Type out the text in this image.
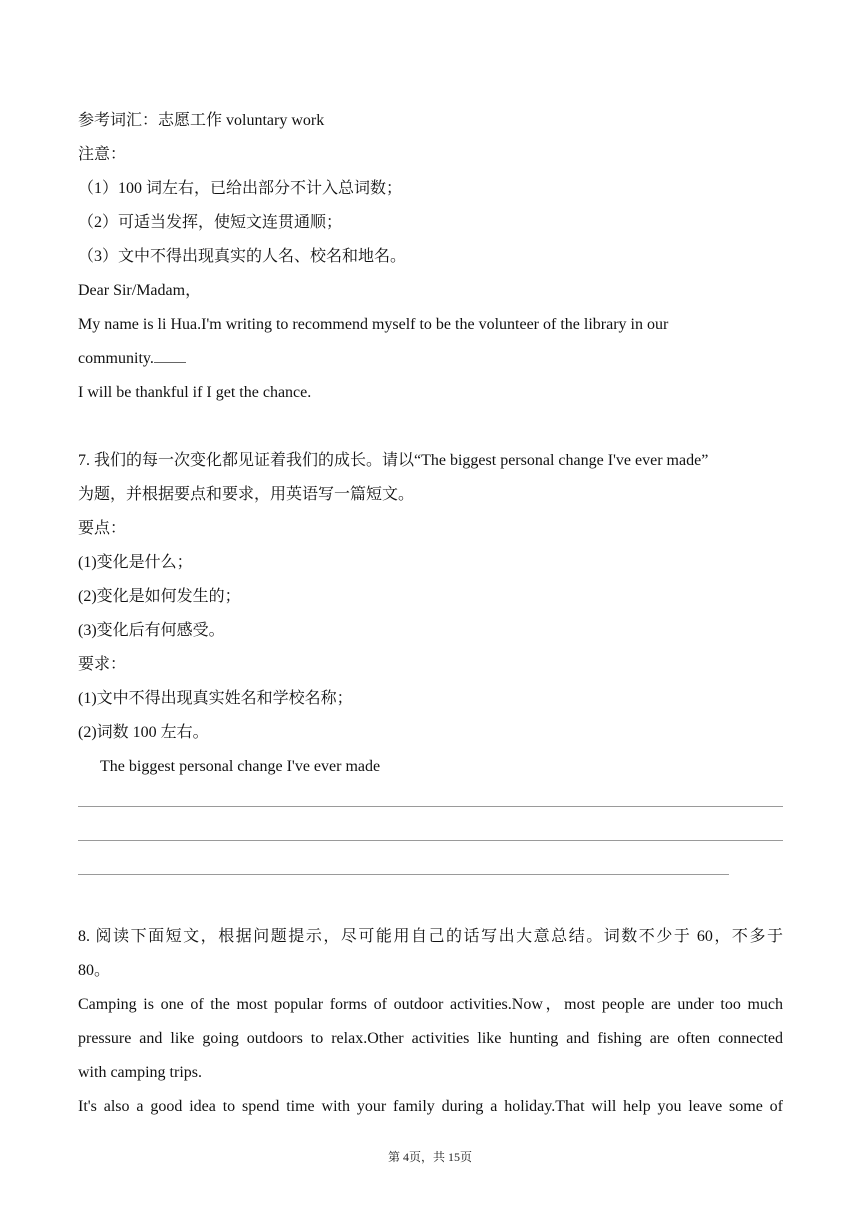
参考词汇：志愿工作 voluntary work
注意：
（1）100 词左右，已给出部分不计入总词数；
（2）可适当发挥，使短文连贯通顺；
（3）文中不得出现真实的人名、校名和地名。
Dear Sir/Madam，
My name is li Hua.I'm writing to recommend myself to be the volunteer of the library in our
community.
I will be thankful if I get the chance.
7. 我们的每一次变化都见证着我们的成长。请以“The biggest personal change I've ever made”
为题，并根据要点和要求，用英语写一篇短文。
要点：
(1)变化是什么；
(2)变化是如何发生的；
(3)变化后有何感受。
要求：
(1)文中不得出现真实姓名和学校名称；
(2)词数 100 左右。
The biggest personal change I've ever made
8. 阅读下面短文，根据问题提示，尽可能用自己的话写出大意总结。词数不少于 60，不多于
80。
Camping is one of the most popular forms of outdoor activities.Now，most people are under too much
pressure and like going outdoors to relax.Other activities like hunting and fishing are often connected
with camping trips.
It's also a good idea to spend time with your family during a holiday.That will help you leave some of
第 4页，共 15页
